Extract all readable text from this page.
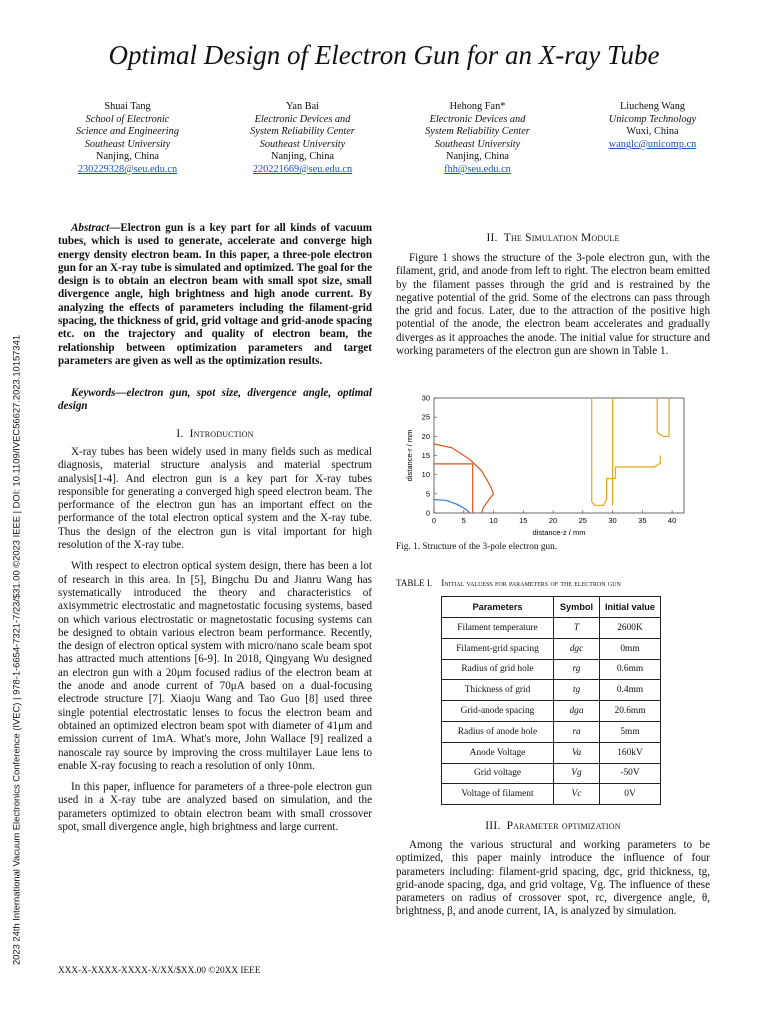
Optimal Design of Electron Gun for an X-ray Tube
Shuai Tang
School of Electronic
Science and Engineering
Southeast University
Nanjing, China
230229328@seu.edu.cn
Yan Bai
Electronic Devices and
System Reliability Center
Southeast University
Nanjing, China
220221669@seu.edu.cn
Hehong Fan*
Electronic Devices and
System Reliability Center
Southeast University
Nanjing, China
fhh@seu.edu.cn
Liucheng Wang
Unicomp Technology
Wuxi, China
wanglc@unicomp.cn
2023 24th International Vacuum Electronics Conference (IVEC) | 978-1-6654-7321-7/23/$31.00 ©2023 IEEE | DOI: 10.1109/IVEC56627.2023.10157341

Abstract—Electron gun is a key part for all kinds of vacuum tubes, which is used to generate, accelerate and converge high energy density electron beam. In this paper, a three-pole electron gun for an X-ray tube is simulated and optimized. The goal for the design is to obtain an electron beam with small spot size, small divergence angle, high brightness and high anode current. By analyzing the effects of parameters including the filament-grid spacing, the thickness of grid, grid voltage and grid-anode spacing etc. on the trajectory and quality of electron beam, the relationship between optimization parameters and target parameters are given as well as the optimization results.

Keywords—electron gun, spot size, divergence angle, optimal design

I. Introduction

X-ray tubes has been widely used in many fields such as medical diagnosis, material structure analysis and material spectrum analysis[1-4]. And electron gun is a key part for X-ray tubes responsible for generating a converged high speed electron beam. The performance of the electron gun has an important effect on the performance of the total electron optical system and the X-ray tube. Thus the design of the electron gun is vital important for high resolution of the X-ray tube.

With respect to electron optical system design, there has been a lot of research in this area. In [5], Bingchu Du and Jianru Wang has systematically introduced the theory and characteristics of axisymmetric electrostatic and magnetostatic focusing systems, based on which various electrostatic or magnetostatic focusing systems can be designed to obtain various electron beam performance. Recently, the design of electron optical system with micro/nano scale beam spot has attracted much attentions [6-9]. In 2018, Qingyang Wu designed an electron gun with a 20μm focused radius of the electron beam at the anode and anode current of 70μA based on a dual-focusing electrode structure [7]. Xiaoju Wang and Tao Guo [8] used three single potential electrostatic lenses to focus the electron beam and obtained an optimized electron beam spot with diameter of 41μm and emission current of 1mA. What's more, John Wallace [9] realized a nanoscale ray source by improving the cross multilayer Laue lens to enable X-ray focusing to reach a resolution of only 10nm.

In this paper, influence for parameters of a three-pole electron gun used in a X-ray tube are analyzed based on simulation, and the parameters optimized to obtain electron beam with small crossover spot, small divergence angle, high brightness and large current.

II. The Simulation Module

Figure 1 shows the structure of the 3-pole electron gun, with the filament, grid, and anode from left to right. The electron beam emitted by the filament passes through the grid and is restrained by the negative potential of the grid. Some of the electrons can pass through the grid and focus. Later, due to the attraction of the positive high potential of the anode, the electron beam accelerates and gradually diverges as it approaches the anode. The initial value for structure and working parameters of the electron gun are shown in Table 1.

0	5	10	15	20	25	30	35	40
0
5
10
15
20
25
30
distance-z / mm
distance-r / mm
Fig. 1. Structure of the 3-pole electron gun.
TABLE I. Initial valuess for parameters of the electron gun
Parameters	Symbol	Initial value
Filament temperature	T	2600K
Filament-grid spacing	dgc	0mm
Radius of grid hole	rg	0.6mm
Thickness of grid	tg	0.4mm
Grid-anode spacing	dga	20.6mm
Radius of anode hole	ra	5mm
Anode Voltage	Va	160kV
Grid voltage	Vg	-50V
Voltage of filament	Vc	0V
III. Parameter optimization

Among the various structural and working parameters to be optimized, this paper mainly introduce the influence of four parameters including: filament-grid spacing, dgc, grid thickness, tg, grid-anode spacing, dga, and grid voltage, Vg. The influence of these parameters on radius of crossover spot, rc, divergence angle, θ, brightness, β, and anode current, IA, is analyzed by simulation.

XXX-X-XXXX-XXXX-X/XX/$XX.00 ©20XX IEEE
